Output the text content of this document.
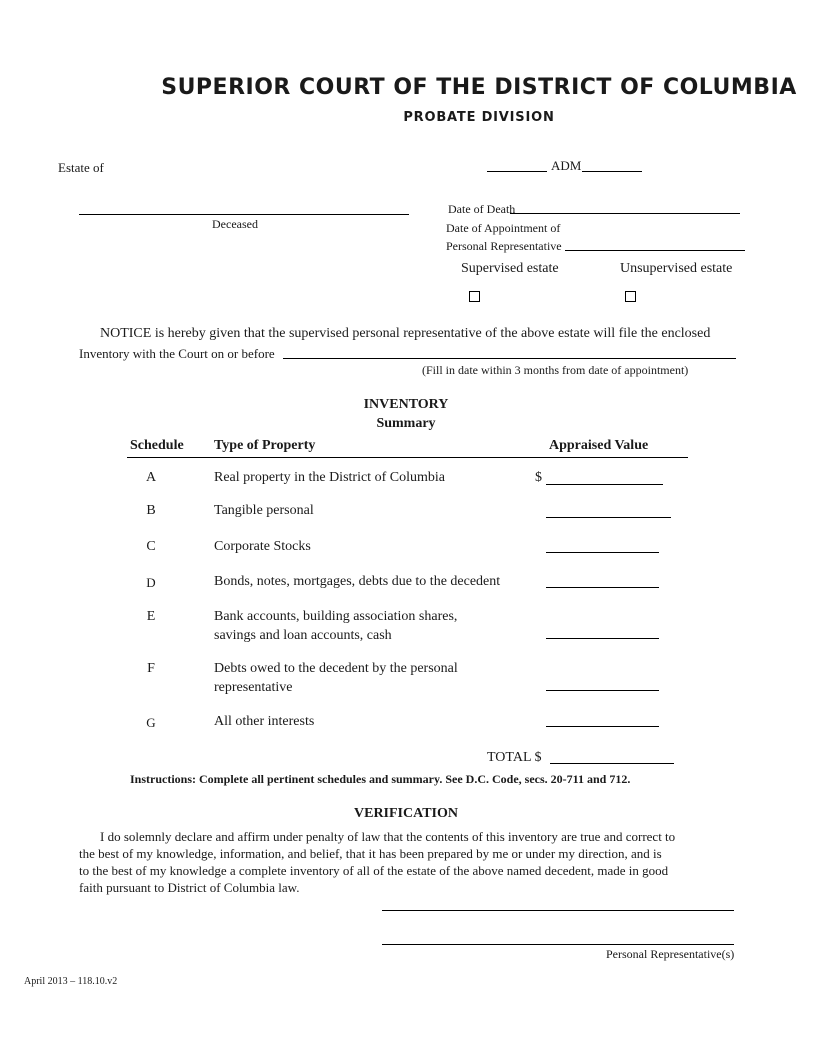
SUPERIOR COURT OF THE DISTRICT OF COLUMBIA
PROBATE DIVISION
Estate of	ADM
Deceased
Date of Death
Date of Appointment of
Personal Representative
Supervised estate	Unsupervised estate
NOTICE is hereby given that the supervised personal representative of the above estate will file the enclosed
Inventory with the Court on or before
(Fill in date within 3 months from date of appointment)
INVENTORY
Summary
Schedule Type of Property	Appraised Value
A	Real property in the District of Columbia	$
B	Tangible personal
C	Corporate Stocks
D	Bonds, notes, mortgages, debts due to the decedent
E	Bank accounts, building association shares,
savings and loan accounts, cash
F	Debts owed to the decedent by the personal
representative
G	All other interests
TOTAL $
Instructions: Complete all pertinent schedules and summary. See D.C. Code, secs. 20-711 and 712.
VERIFICATION
I do solemnly declare and affirm under penalty of law that the contents of this inventory are true and correct to
the best of my knowledge, information, and belief, that it has been prepared by me or under my direction, and is
to the best of my knowledge a complete inventory of all of the estate of the above named decedent, made in good
faith pursuant to District of Columbia law.
Personal Representative(s)
April 2013 – 118.10.v2
